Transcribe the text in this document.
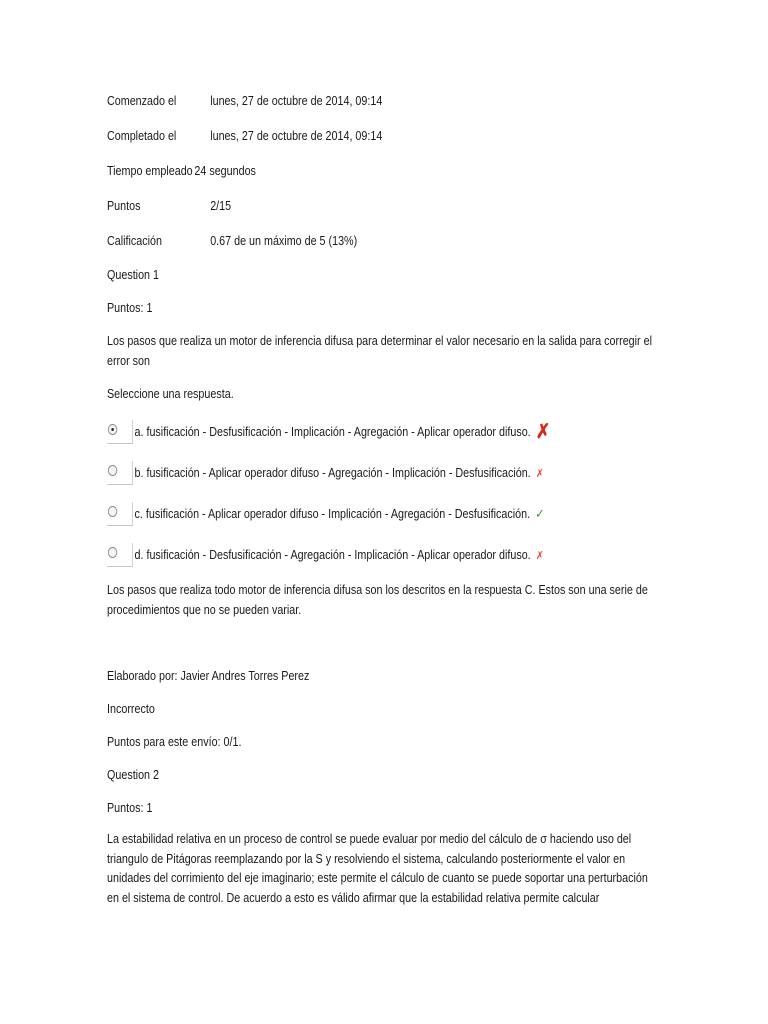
Comenzado el	lunes, 27 de octubre de 2014, 09:14
Completado el	lunes, 27 de octubre de 2014, 09:14
Tiempo empleado 24 segundos
Puntos	2/15
Calificación	0.67 de un máximo de 5 (13%)
Question 1
Puntos: 1
Los pasos que realiza un motor de inferencia difusa para determinar el valor necesario en la salida para corregir el error son
Seleccione una respuesta.
a. fusificación - Desfusificación - Implicación - Agregación - Aplicar operador difuso. ✗
b. fusificación - Aplicar operador difuso - Agregación - Implicación - Desfusificación. ✗
c. fusificación - Aplicar operador difuso - Implicación - Agregación - Desfusificación. ✓
d. fusificación - Desfusificación - Agregación - Implicación - Aplicar operador difuso. ✗
Los pasos que realiza todo motor de inferencia difusa son los descritos en la respuesta C. Estos son una serie de procedimientos que no se pueden variar.
Elaborado por: Javier Andres Torres Perez
Incorrecto
Puntos para este envío: 0/1.
Question 2
Puntos: 1
La estabilidad relativa en un proceso de control se puede evaluar por medio del cálculo de σ haciendo uso del triangulo de Pitágoras reemplazando por la S y resolviendo el sistema, calculando posteriormente el valor en unidades del corrimiento del eje imaginario; este permite el cálculo de cuanto se puede soportar una perturbación en el sistema de control. De acuerdo a esto es válido afirmar que la estabilidad relativa permite calcular
